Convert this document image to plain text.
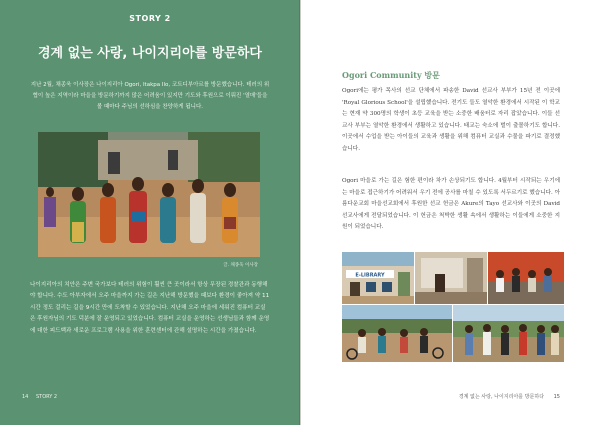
STORY 2
경계 없는 사랑, 나이지리아를 방문하다

지난 2월, 채종욱 이사장은 나이지리아 Ogori, Itakpa Ilo, 코트디부아르를 방문했습니다. 테러의 위협이 높은 지역이라 마을을 방문하기까지 많은 어려움이 있지만 기도와 후원으로 이뤄진 '열매'들을 볼 때마다 주님의 선하심을 찬양하게 됩니다.

글. 채종욱 이사장

나이지리아의 치안은 주변 국가보다 테러의 위험이 훨씬 큰 곳이라서 항상 무장된 경찰관과 동행해야 합니다. 수도 아부자에서 오주 마을까지 가는 길은 지난해 방문했을 때보다 환경이 좋아져 약 11시간 정도 걸리는 길을 9시간 만에 도착할 수 있었습니다. 지난해 오주 마을에 세워진 컴퓨터 교실은 후원자님의 기도 덕분에 잘 운영되고 있었습니다. 컴퓨터 교실을 운영하는 선생님들과 함께 운영에 대한 피드백과 새로운 프로그램 사용을 위한 훈련센터에 관해 설명하는 시간을 가졌습니다.

14 STORY 2
Ogori Community 방문

Ogori에는 평가 목사의 선교 단체에서 파송한 David 선교사 부부가 15년 전 이곳에 'Royal Glorious School'을 설립했습니다. 전기도 들도 열악한 환경에서 시작된 이 학교는 현재 약 300명의 학생이 초등 교육을 받는 소중한 배움터로 자리 잡았습니다. 이들 선교사 부부는 열악한 환경에서 생활하고 있습니다. 태교는 숙소에 벌이 출몰하기도 합니다. 이곳에서 수업을 받는 아이들의 교육과 생활을 위해 컴퓨터 교실과 수물을 파기로 결정했습니다.

Ogori 마을로 가는 길은 험한 편이라 차가 손상되기도 합니다. 4월부터 시작되는 우기에는 마을로 접근하기가 어려워서 우기 전에 공사를 마칠 수 있도록 서두르기로 했습니다. 아름다운교회 마을선교회에서 후원한 선교 헌금은 Akure의 Tayo 선교사와 이곳의 David 선교사에게 전달되었습니다. 이 헌금은 척박한 생활 속에서 생활하는 이들에게 소중한 지원이 되었습니다.

E-LIBRARY
경계 없는 사랑, 나이지리아를 방문하다 15
